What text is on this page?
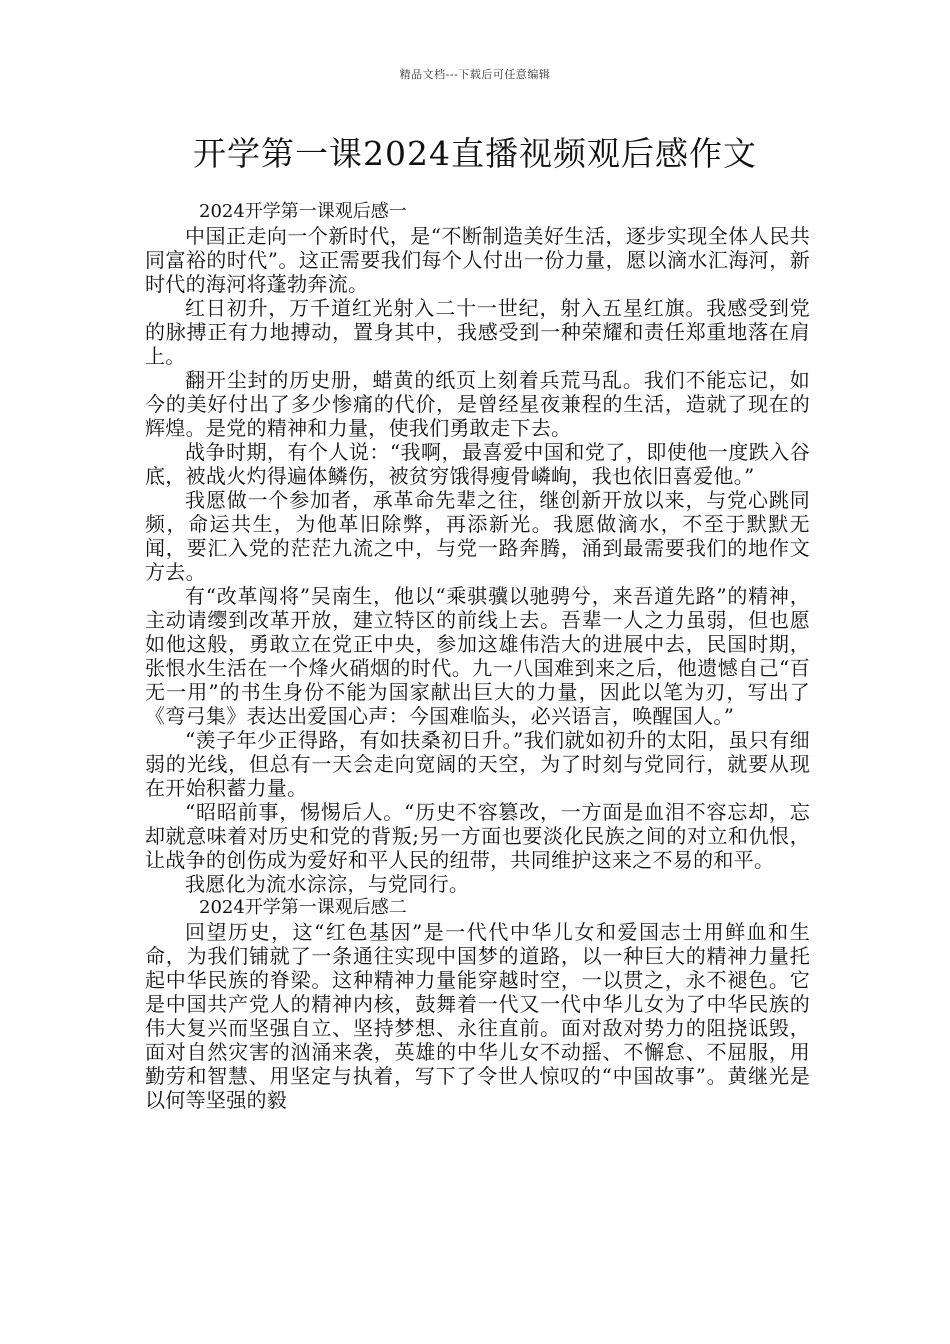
精品文档---下载后可任意编辑
开学第一课2024直播视频观后感作文

2024开学第一课观后感一

中国正走向一个新时代，是“不断制造美好生活，逐步实现全体人民共同富裕的时代”。这正需要我们每个人付出一份力量，愿以滴水汇海河，新时代的海河将蓬勃奔流。

红日初升，万千道红光射入二十一世纪，射入五星红旗。我感受到党的脉搏正有力地搏动，置身其中，我感受到一种荣耀和责任郑重地落在肩上。

翻开尘封的历史册，蜡黄的纸页上刻着兵荒马乱。我们不能忘记，如今的美好付出了多少惨痛的代价，是曾经星夜兼程的生活，造就了现在的辉煌。是党的精神和力量，使我们勇敢走下去。

战争时期，有个人说：“我啊，最喜爱中国和党了，即使他一度跌入谷底，被战火灼得遍体鳞伤，被贫穷饿得瘦骨嶙峋，我也依旧喜爱他。”

我愿做一个参加者，承革命先辈之往，继创新开放以来，与党心跳同频，命运共生，为他革旧除弊，再添新光。我愿做滴水，不至于默默无闻，要汇入党的茫茫九流之中，与党一路奔腾，涌到最需要我们的地作文方去。

有“改革闯将”吴南生，他以“乘骐骥以驰骋兮，来吾道先路”的精神，主动请缨到改革开放，建立特区的前线上去。吾辈一人之力虽弱，但也愿如他这般，勇敢立在党正中央，参加这雄伟浩大的进展中去，民国时期，张恨水生活在一个烽火硝烟的时代。九一八国难到来之后，他遗憾自己“百无一用”的书生身份不能为国家献出巨大的力量，因此以笔为刃，写出了《弯弓集》表达出爱国心声：今国难临头，必兴语言，唤醒国人。”

“羡子年少正得路，有如扶桑初日升。”我们就如初升的太阳，虽只有细弱的光线，但总有一天会走向宽阔的天空，为了时刻与党同行，就要从现在开始积蓄力量。

“昭昭前事，惕惕后人。“历史不容篡改，一方面是血泪不容忘却，忘却就意味着对历史和党的背叛;另一方面也要淡化民族之间的对立和仇恨，让战争的创伤成为爱好和平人民的纽带，共同维护这来之不易的和平。

我愿化为流水淙淙，与党同行。

2024开学第一课观后感二

回望历史，这“红色基因”是一代代中华儿女和爱国志士用鲜血和生命，为我们铺就了一条通往实现中国梦的道路，以一种巨大的精神力量托起中华民族的脊梁。这种精神力量能穿越时空，一以贯之，永不褪色。它是中国共产党人的精神内核，鼓舞着一代又一代中华儿女为了中华民族的伟大复兴而坚强自立、坚持梦想、永往直前。面对敌对势力的阻挠诋毁，面对自然灾害的汹涌来袭，英雄的中华儿女不动摇、不懈怠、不屈服，用勤劳和智慧、用坚定与执着，写下了令世人惊叹的“中国故事”。黄继光是以何等坚强的毅
